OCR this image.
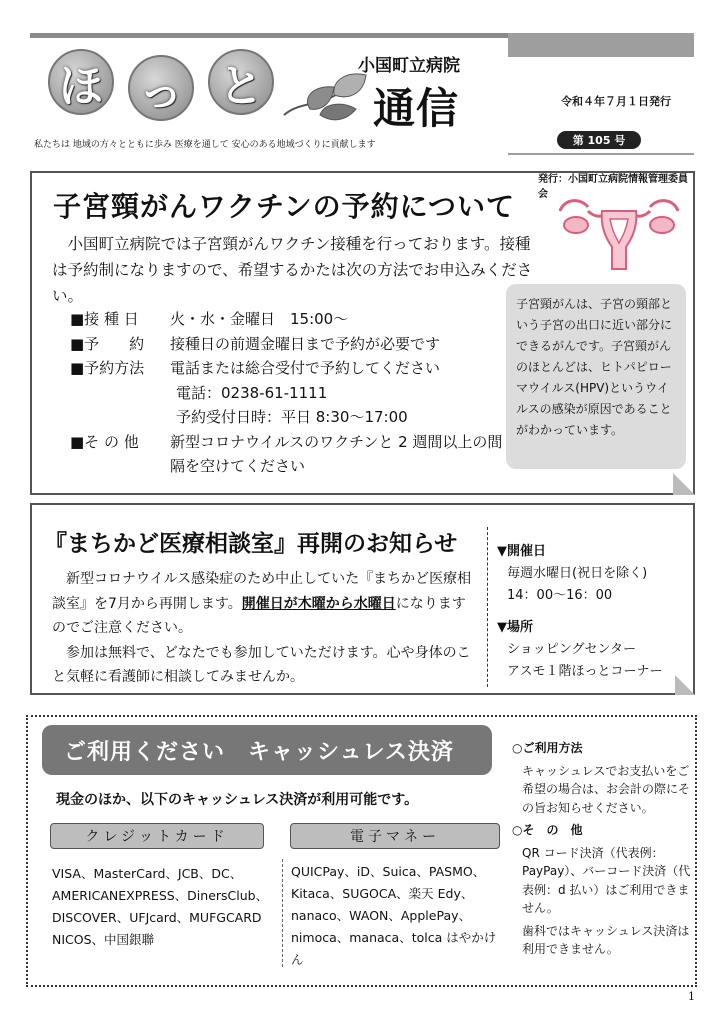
ほ っ と	小国町立病院
通信
私たちは 地域の方々とともに歩み 医療を通して 安心のある地域づくりに貢献します
令和４年７月１日発行
第 105 号
発行：小国町立病院情報管理委員会
子宮頸がんワクチンの予約について
小国町立病院では子宮頸がんワクチン接種を行っております。接種は予約制になりますので、希望するかたは次の方法でお申込みください。
■接 種 日	火・水・金曜日　15:00～
■予　　約	接種日の前週金曜日まで予約が必要です
■予約方法	電話または総合受付で予約してください
電話：0238-61-1111
予約受付日時：平日 8:30～17:00
■そ の 他	新型コロナウイルスのワクチンと 2 週間以上の間隔を空けてください
子宮頸がんは、子宮の頸部という子宮の出口に近い部分にできるがんです。子宮頸がんのほとんどは、ヒトパピローマウイルス(HPV)というウイルスの感染が原因であることがわかっています。
『まちかど医療相談室』再開のお知らせ

新型コロナウイルス感染症のため中止していた『まちかど医療相談室』を7月から再開します。開催日が木曜から水曜日になりますのでご注意ください。

参加は無料で、どなたでも参加していただけます。心や身体のこと気軽に看護師に相談してみませんか。

▼開催日
毎週水曜日(祝日を除く)
14：00～16：00
▼場所
ショッピングセンター
アスモ１階ほっとコーナー
ご利用ください　キャッシュレス決済
現金のほか、以下のキャッシュレス決済が利用可能です。
クレジットカード	電子マネー
VISA、MasterCard、JCB、DC、AMERICANEXPRESS、DinersClub、DISCOVER、UFJcard、MUFGCARD NICOS、中国銀聯
QUICPay、iD、Suica、PASMO、Kitaca、SUGOCA、楽天 Edy、nanaco、WAON、ApplePay、nimoca、manaca、tolca はやかけん
○ご利用方法
キャッシュレスでお支払いをご希望の場合は、お会計の際にその旨お知らせください。
○そ　の　他
QR コード決済（代表例：PayPay）、バーコード決済（代表例：d 払い）はご利用できません。
歯科ではキャッシュレス決済は利用できません。
1
